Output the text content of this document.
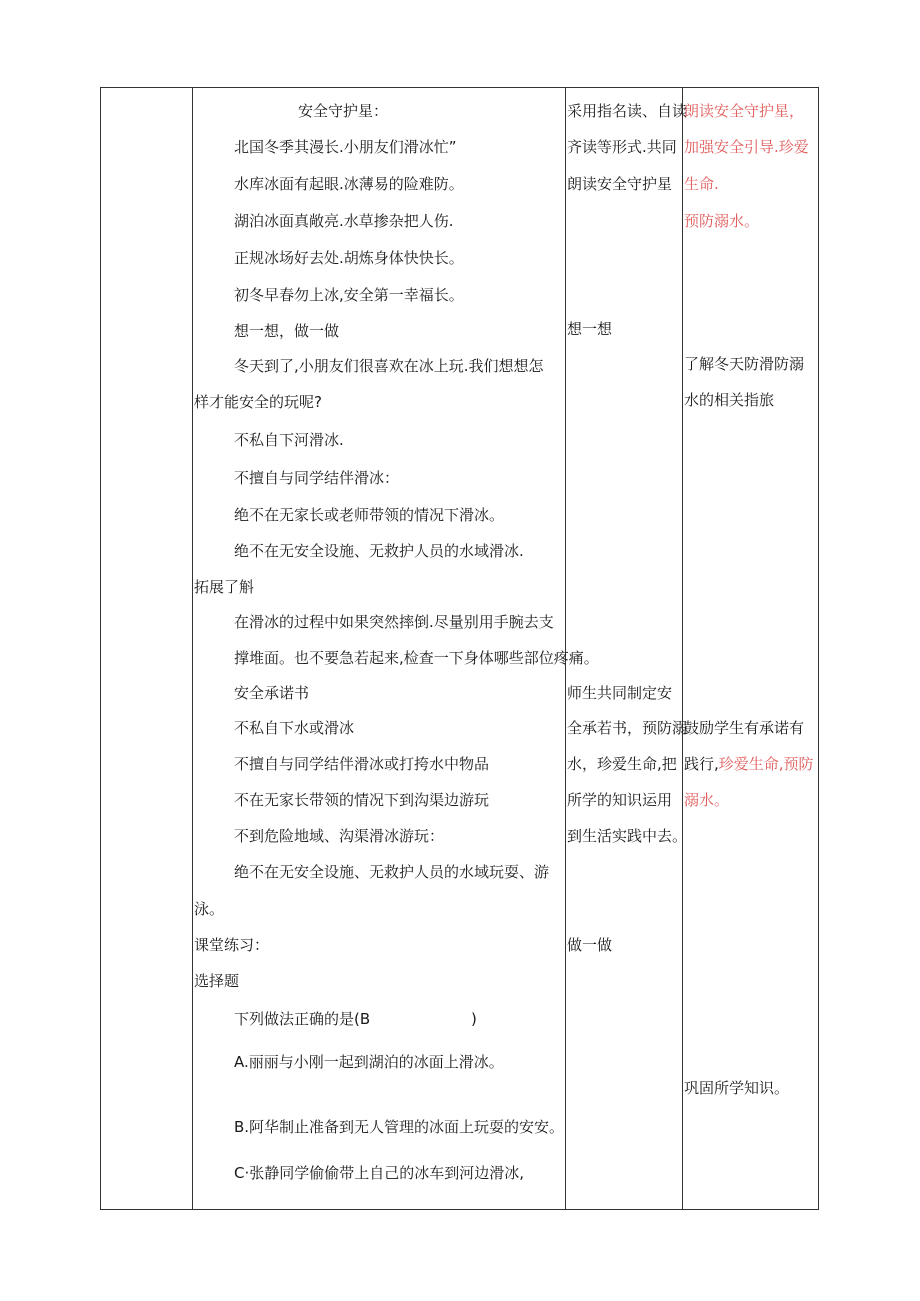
安全守护星：
北国冬季其漫长.小朋友们滑冰忙”
水库冰面有起眼.冰薄易的险难防。
湖泊冰面真敞亮.水草掺杂把人伤.
正规冰场好去处.胡炼身体快快长。
初冬早春勿上冰,安全第一幸福长。
想一想，做一做
冬天到了,小朋友们很喜欢在冰上玩.我们想想怎
样才能安全的玩呢?
不私自下河滑冰.
不擅自与同学结伴滑冰：
绝不在无家长或老师带领的情况下滑冰。
绝不在无安全设施、无救护人员的水域滑冰.
拓展了斛
在滑冰的过程中如果突然摔倒.尽量别用手腕去支
撑堆面。也不要急若起来,检查一下身体哪些部位疼痛。
安全承诺书
不私自下水或滑冰
不擅自与同学结伴滑冰或打挎水中物品
不在无家长带领的情况下到沟渠边游玩
不到危险地域、沟渠滑冰游玩：
绝不在无安全设施、无救护人员的水域玩耍、游
泳。
课堂练习：
选择题
下列做法正确的是(B	)
A.丽丽与小刚一起到湖泊的冰面上滑冰。
B.阿华制止准备到无人管理的冰面上玩耍的安安。
C·张静同学偷偷带上自己的冰车到河边滑冰,
采用指名读、自读
齐读等形式.共同
朗读安全守护星
想一想
师生共同制定安
全承若书，预防溺
水，珍爱生命,把
所学的知识运用
到生活实践中去。
做一做
朗读安全守护星，
加强安全引导.珍爱
生命.
预防溺水。
了解冬天防滑防溺
水的相关指旅
鼓励学生有承诺有
践行,珍爱生命,预防
溺水。
巩固所学知识。
